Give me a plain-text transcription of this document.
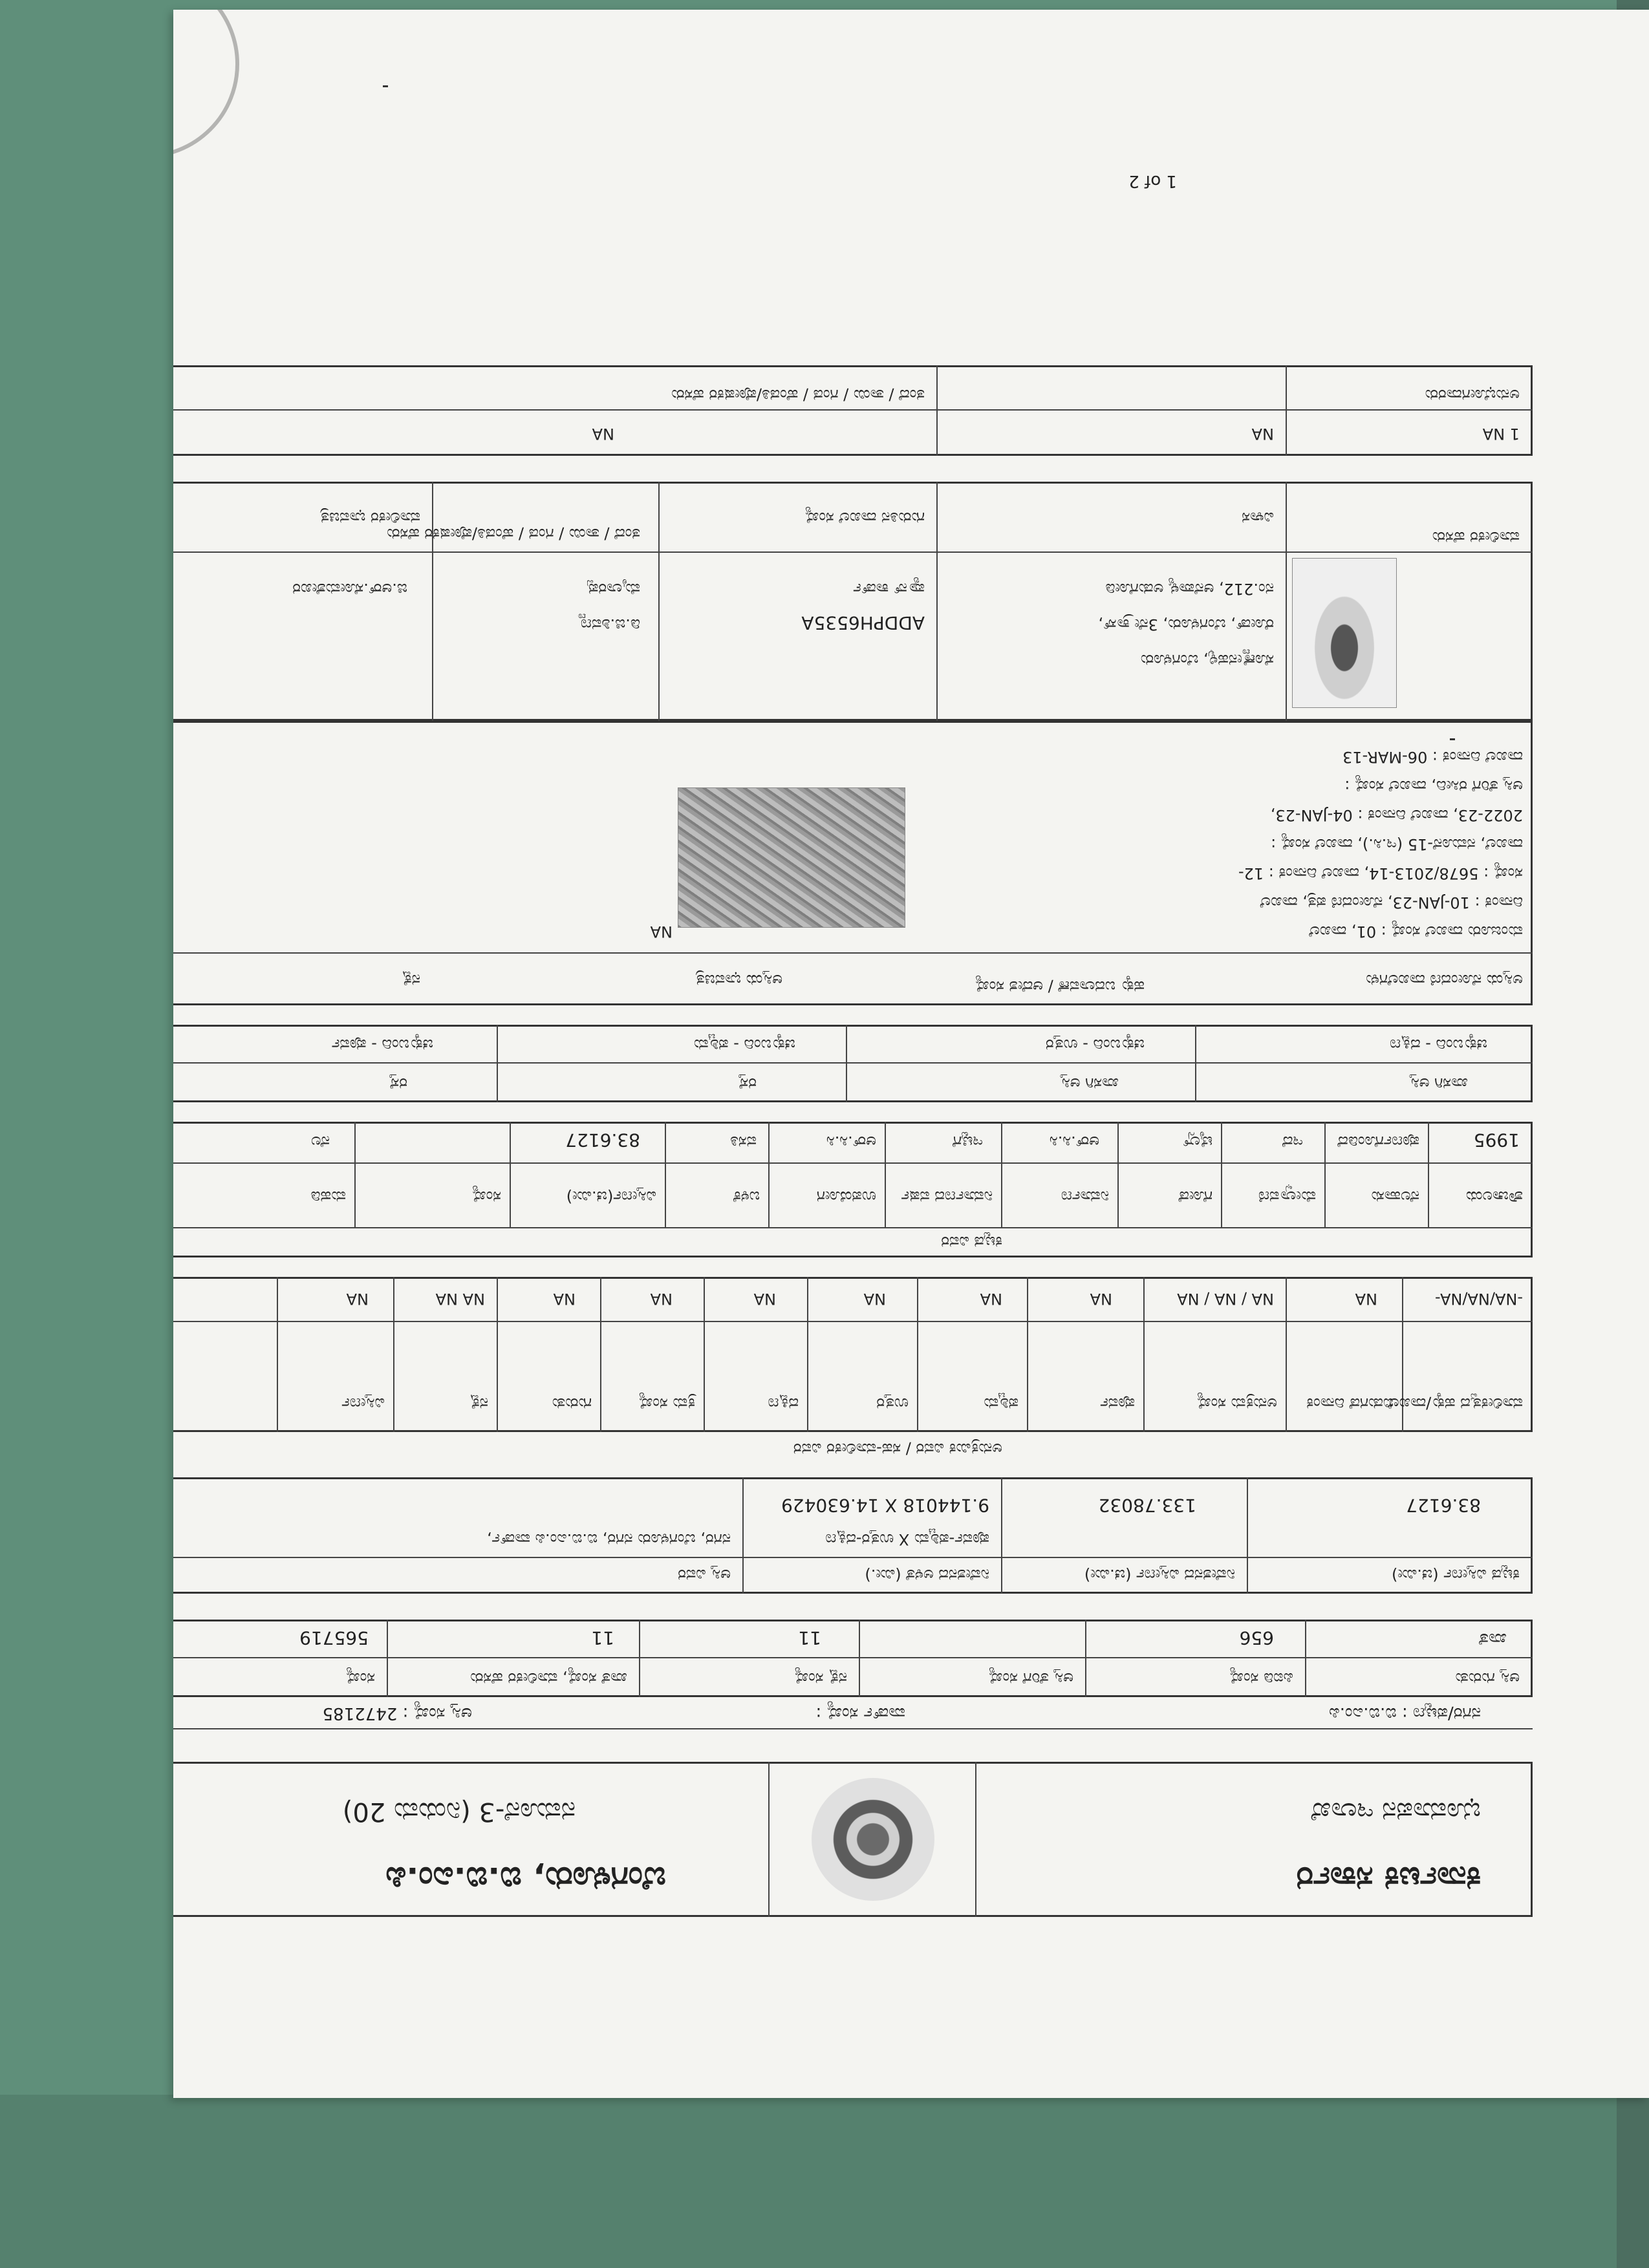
ಕರ್ನಾಟಕ ಸರ್ಕಾರ
ಭೂಮಾಪನ ಇಲಾಖೆ
ಬೆಂಗಳೂರು, ಬಿ.ಬಿ.ಎಂ.ಪಿ
ನಮೂನೆ-3 (ನಿಯಮ 20)
ನಗರ/ಪಟ್ಟಣ : ಬಿ.ಬಿ.ಎಂ.ಪಿ
ವಾರ್ಡ್ ಸಂಖ್ಯೆ :
ಆಸ್ತಿ ಸಂಖ್ಯೆ : 2472185
ಆಸ್ತಿ ಗುರುತು
ಪಿಐಡಿ ಸಂಖ್ಯೆ
ಆಸ್ತಿ ತೆರಿಗೆ ಸಂಖ್ಯೆ
ನಕ್ಷೆ ಸಂಖ್ಯೆ
ಖಾತೆ ಸಂಖ್ಯೆ, ಮಾಲೀಕರ ಹೆಸರು
ಸಂಖ್ಯೆ
ಖಾತೆ
656
11
11
565719
ಕಟ್ಟಡ ವಿಸ್ತೀರ್ಣ (ಚ.ಮೀ)
ನಿವೇಶನದ ವಿಸ್ತೀರ್ಣ (ಚ.ಮೀ)
ನಿವೇಶನದ ಅಳತೆ (ಮೀ.)
ಆಸ್ತಿ ವಿವರ
ಪೂರ್ವ-ಪಶ್ಚಿಮ X ಉತ್ತರ-ದಕ್ಷಿಣ
ನಗರ, ಬೆಂಗಳೂರು ನಗರ, ಬಿ.ಬಿ.ಎಂ.ಪಿ ವಾರ್ಡ್,
83.6127
133.78032
9.144018 X 14.630429
ಅನುಕ್ರಮಿಕ ವಿವರ / ಸಹ-ಮಾಲೀಕರ ವಿವರ
ಮಾಲೀಕತ್ವದ ಹಕ್ಕು/ದಾಖಲೆ
ಬಿಡುಗಡೆ ದಿನಾಂಕ
ಅನುಕ್ರಮ ಸಂಖ್ಯೆ
ಪೂರ್ವ
ಪಶ್ಚಿಮ
ಉತ್ತರ
ದಕ್ಷಿಣ
ಕ್ರಮ ಸಂಖ್ಯೆ
ಗುರುತು
ನಕ್ಷೆ
ವಿಸ್ತೀರ್ಣ
-NA/NA/NA-
NA
NA / NA / NA
NA
NA
NA
NA
NA
NA
NA NA
NA
ಕಟ್ಟಡ ವಿವರ
ಶೌಚಾಲಯ
ನೆಲಹಾಸು
ಮೇಲ್ಛಾವಣಿ
ಗೋಡೆ
ನಿರ್ಮಾಣ
ನಿರ್ಮಾಣದ ವರ್ಷ
ಉಪಯೋಗ
ಬಳಕೆ
ವಿಸ್ತೀರ್ಣ(ಚ.ಮೀ)
ಸಂಖ್ಯೆ
ಮಹಡಿ
1995
ಪೂರ್ಣಗೊಂಡಿದೆ
ಇದೆ
ಟೈಲ್ಸ್
ಆರ್.ಸಿ.ಸಿ
ಇಟ್ಟಿಗೆ
ಆರ್.ಸಿ.ಸಿ
ವಸತಿ
83.6127
ನೆಲ
ಚಕ್ಕುಬಂದಿ - ದಕ್ಷಿಣ
ಚಕ್ಕುಬಂದಿ - ಉತ್ತರ
ಚಕ್ಕುಬಂದಿ - ಪಶ್ಚಿಮ
ಚಕ್ಕುಬಂದಿ - ಪೂರ್ವ
ಖಾಸಗಿ ಆಸ್ತಿ
ಖಾಸಗಿ ಆಸ್ತಿ
ರಸ್ತೆ
ರಸ್ತೆ
ಅಸ್ತಿಯ ನೋಂದಣಿ ದಾಖಲೆಗಳು
ಹಕ್ಕು ಬದಲಾವಣೆ / ಆದೇಶ ಸಂಖ್ಯೆ
ಆಸ್ತಿಯ ಭಾವಚಿತ್ರ
ನಕ್ಷೆ
ಮಂಜೂರು ದಾಖಲೆ ಸಂಖ್ಯೆ : 01, ದಾಖಲೆ
ದಿನಾಂಕ : 10-JAN-23, ನೋಂದಣಿ ಪತ್ರ, ದಾಖಲೆ
ಸಂಖ್ಯೆ : 5678/2013-14, ದಾಖಲೆ ದಿನಾಂಕ : 12-
ದಾಖಲೆ, ನಮೂನೆ-15 (ಇ.ಸಿ.), ದಾಖಲೆ ಸಂಖ್ಯೆ :
2022-23, ದಾಖಲೆ ದಿನಾಂಕ : 04-JAN-23,
ಆಸ್ತಿ ತೆರಿಗೆ ರಸೀದಿ, ದಾಖಲೆ ಸಂಖ್ಯೆ :
ದಾಖಲೆ ದಿನಾಂಕ : 06-MAR-13
NA
ಮಾಲೀಕರ ಹೆಸರು
ತಂದೆ / ತಾಯಿ / ಗಂಡ / ಹೆಂಡತಿ/ಪೋಷಕರ ಹೆಸರು
ಗುರುತಿನ ದಾಖಲೆ ಸಂಖ್ಯೆ	ವಿಳಾಸ
ಮಾಲೀಕರ ಭಾವಚಿತ್ರ
ಜಿ.ಆರ್.ಸೋಮಶೇಖರ	ಮೈಲಾರಪ್ಪ
ಡಿ.ಜಿ.ಶಿವಣ್ಣ
ಪ್ಯಾನ್ ಕಾರ್ಡ್
ADDPH6535A
ನಂ.212, ಆನೆಪಾಳ್ಯ ಅಡುಗೋಡಿ
ರೋಡ್, ಬೆಂಗಳೂರು, 3ನೇ ಕ್ರಾಸ್,
ಸೊಣ್ಣೇನಹಳ್ಳಿ, ಬೆಂಗಳೂರು
ಅನುಭೋಗದಾರರು
ತಂದೆ / ತಾಯಿ / ಗಂಡ / ಹೆಂಡತಿ/ಪೋಷಕರ ಹೆಸರು
1 NA
NA
NA
1 of 2
